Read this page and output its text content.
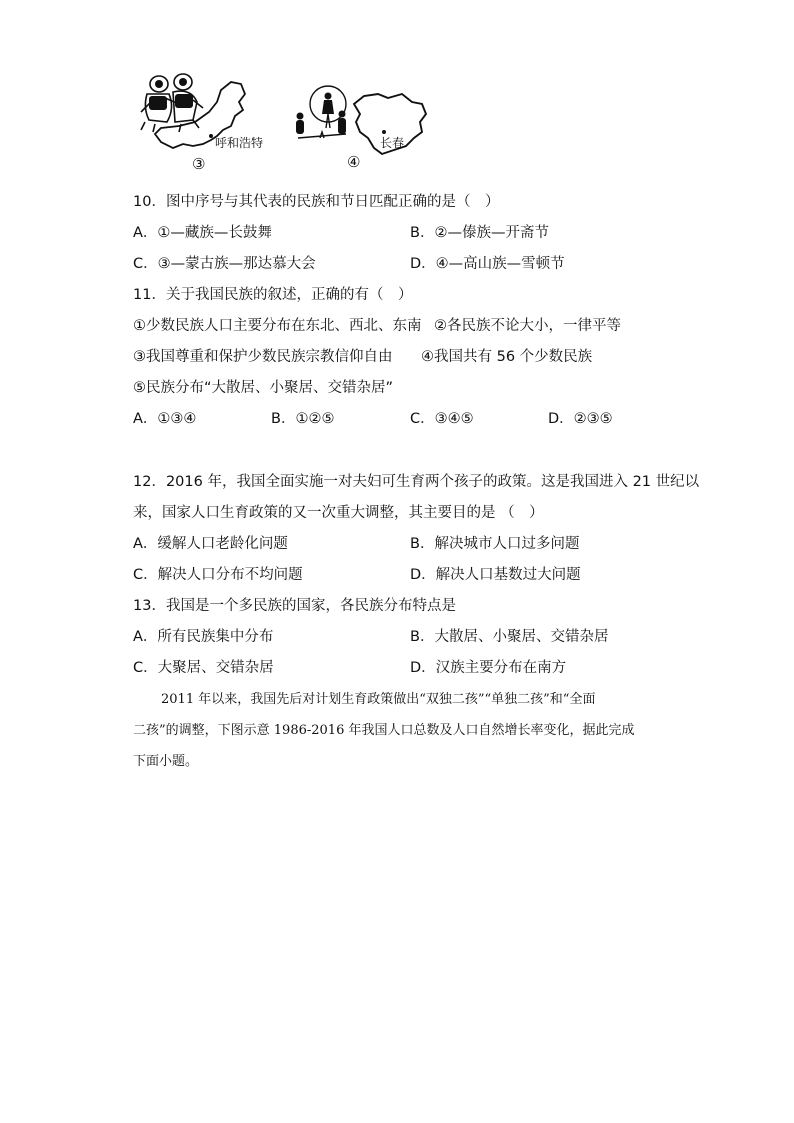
呼和浩特
③
长春
④
10．图中序号与其代表的民族和节日匹配正确的是（　）
A．①—藏族—长鼓舞	B．②—傣族—开斋节
C．③—蒙古族—那达慕大会	D．④—高山族—雪顿节
11．关于我国民族的叙述，正确的有（　）
①少数民族人口主要分布在东北、西北、东南 ②各民族不论大小，一律平等
③我国尊重和保护少数民族宗教信仰自由 ④我国共有 56 个少数民族
⑤民族分布“大散居、小聚居、交错杂居”
A．①③④	B．①②⑤	C．③④⑤	D．②③⑤
12．2016 年，我国全面实施一对夫妇可生育两个孩子的政策。这是我国进入 21 世纪以
来，国家人口生育政策的又一次重大调整，其主要目的是 （　）
A．缓解人口老龄化问题	B．解决城市人口过多问题
C．解决人口分布不均问题	D．解决人口基数过大问题
13．我国是一个多民族的国家，各民族分布特点是
A．所有民族集中分布	B．大散居、小聚居、交错杂居
C．大聚居、交错杂居	D．汉族主要分布在南方
2011 年以来，我国先后对计划生育政策做出“双独二孩”“单独二孩”和“全面
二孩”的调整，下图示意 1986-2016 年我国人口总数及人口自然增长率变化，据此完成
下面小题。
